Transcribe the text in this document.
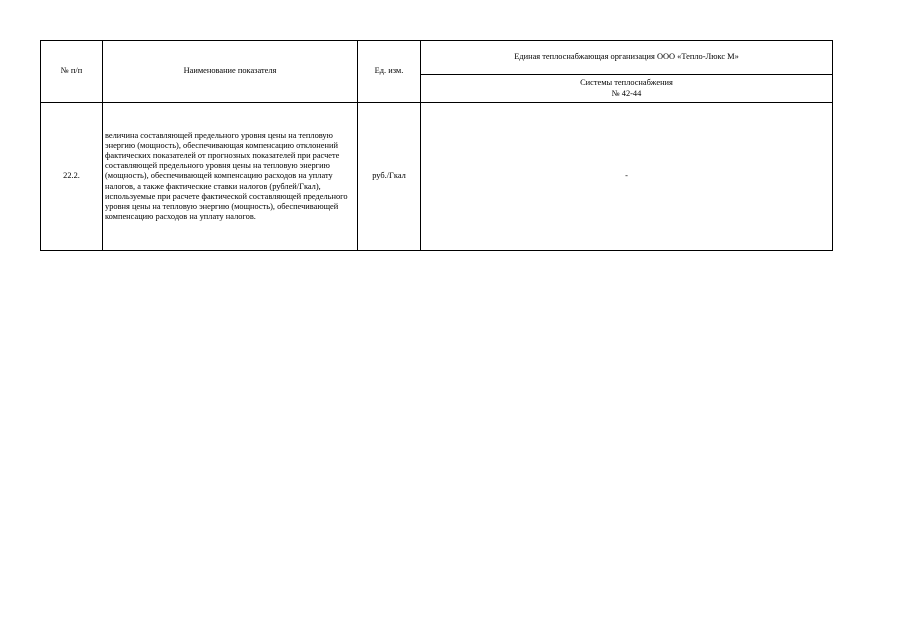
№ п/п	Наименование показателя	Ед. изм.	Единая теплоснабжающая организация ООО «Тепло-Люкс М»

			Системы теплоснабжения
№ 42-44

22.2.	величина составляющей предельного уровня цены на тепловую энергию (мощность), обеспечивающая компенсацию отклонений фактических показателей от прогнозных показателей при расчете составляющей предельного уровня цены на тепловую энергию (мощность), обеспечивающей компенсацию расходов на уплату налогов, а также фактические ставки налогов (рублей/Гкал), используемые при расчете фактической составляющей предельного уровня цены на тепловую энергию (мощность), обеспечивающей компенсацию расходов на уплату налогов.	руб./Гкал	-
